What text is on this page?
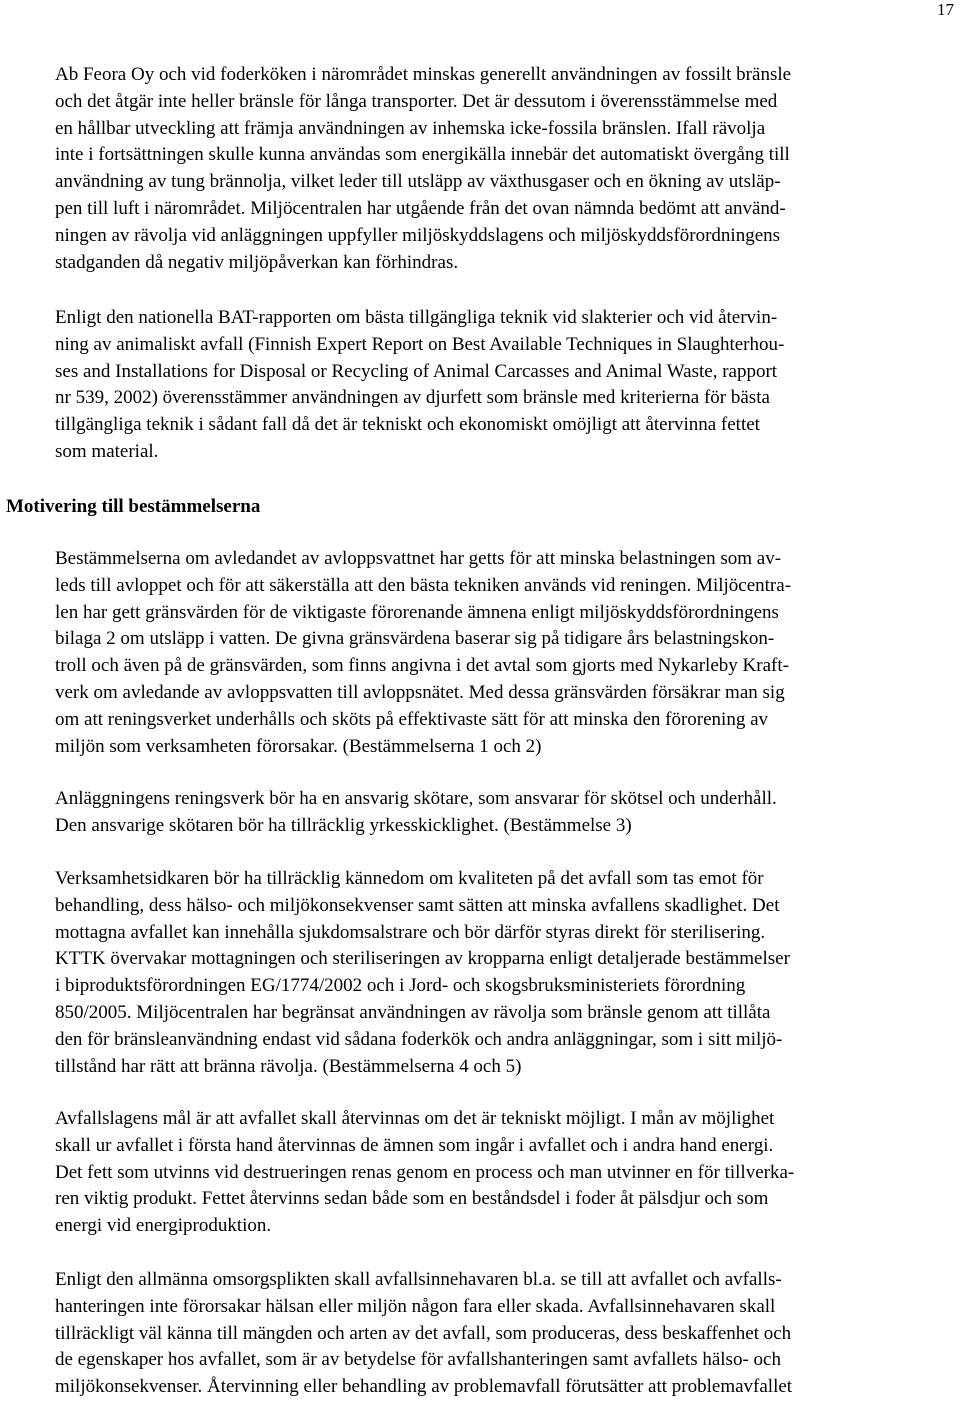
17
Ab Feora Oy och vid foderköken i närområdet minskas generellt användningen av fossilt bränsle
och det åtgär inte heller bränsle för långa transporter. Det är dessutom i överensstämmelse med
en hållbar utveckling att främja användningen av inhemska icke-fossila bränslen. Ifall rävolja
inte i fortsättningen skulle kunna användas som energikälla innebär det automatiskt övergång till
användning av tung brännolja, vilket leder till utsläpp av växthusgaser och en ökning av utsläp-
pen till luft i närområdet. Miljöcentralen har utgående från det ovan nämnda bedömt att använd-
ningen av rävolja vid anläggningen uppfyller miljöskyddslagens och miljöskyddsförordningens
stadganden då negativ miljöpåverkan kan förhindras.
Enligt den nationella BAT-rapporten om bästa tillgängliga teknik vid slakterier och vid återvin-
ning av animaliskt avfall (Finnish Expert Report on Best Available Techniques in Slaughterhou-
ses and Installations for Disposal or Recycling of Animal Carcasses and Animal Waste, rapport
nr 539, 2002) överensstämmer användningen av djurfett som bränsle med kriterierna för bästa
tillgängliga teknik i sådant fall då det är tekniskt och ekonomiskt omöjligt att återvinna fettet
som material.
Motivering till bestämmelserna
Bestämmelserna om avledandet av avloppsvattnet har getts för att minska belastningen som av-
leds till avloppet och för att säkerställa att den bästa tekniken används vid reningen. Miljöcentra-
len har gett gränsvärden för de viktigaste förorenande ämnena enligt miljöskyddsförordningens
bilaga 2 om utsläpp i vatten. De givna gränsvärdena baserar sig på tidigare års belastningskon-
troll och även på de gränsvärden, som finns angivna i det avtal som gjorts med Nykarleby Kraft-
verk om avledande av avloppsvatten till avloppsnätet. Med dessa gränsvärden försäkrar man sig
om att reningsverket underhålls och sköts på effektivaste sätt för att minska den förorening av
miljön som verksamheten förorsakar. (Bestämmelserna 1 och 2)
Anläggningens reningsverk bör ha en ansvarig skötare, som ansvarar för skötsel och underhåll.
Den ansvarige skötaren bör ha tillräcklig yrkesskicklighet. (Bestämmelse 3)
Verksamhetsidkaren bör ha tillräcklig kännedom om kvaliteten på det avfall som tas emot för
behandling, dess hälso- och miljökonsekvenser samt sätten att minska avfallens skadlighet. Det
mottagna avfallet kan innehålla sjukdomsalstrare och bör därför styras direkt för sterilisering.
KTTK övervakar mottagningen och steriliseringen av kropparna enligt detaljerade bestämmelser
i biproduktsförordningen EG/1774/2002 och i Jord- och skogsbruksministeriets förordning
850/2005. Miljöcentralen har begränsat användningen av rävolja som bränsle genom att tillåta
den för bränsleanvändning endast vid sådana foderkök och andra anläggningar, som i sitt miljö-
tillstånd har rätt att bränna rävolja. (Bestämmelserna 4 och 5)
Avfallslagens mål är att avfallet skall återvinnas om det är tekniskt möjligt. I mån av möjlighet
skall ur avfallet i första hand återvinnas de ämnen som ingår i avfallet och i andra hand energi.
Det fett som utvinns vid destrueringen renas genom en process och man utvinner en för tillverka-
ren viktig produkt. Fettet återvinns sedan både som en beståndsdel i foder åt pälsdjur och som
energi vid energiproduktion.
Enligt den allmänna omsorgsplikten skall avfallsinnehavaren bl.a. se till att avfallet och avfalls-
hanteringen inte förorsakar hälsan eller miljön någon fara eller skada. Avfallsinnehavaren skall
tillräckligt väl känna till mängden och arten av det avfall, som produceras, dess beskaffenhet och
de egenskaper hos avfallet, som är av betydelse för avfallshanteringen samt avfallets hälso- och
miljökonsekvenser. Återvinning eller behandling av problemavfall förutsätter att problemavfallet
